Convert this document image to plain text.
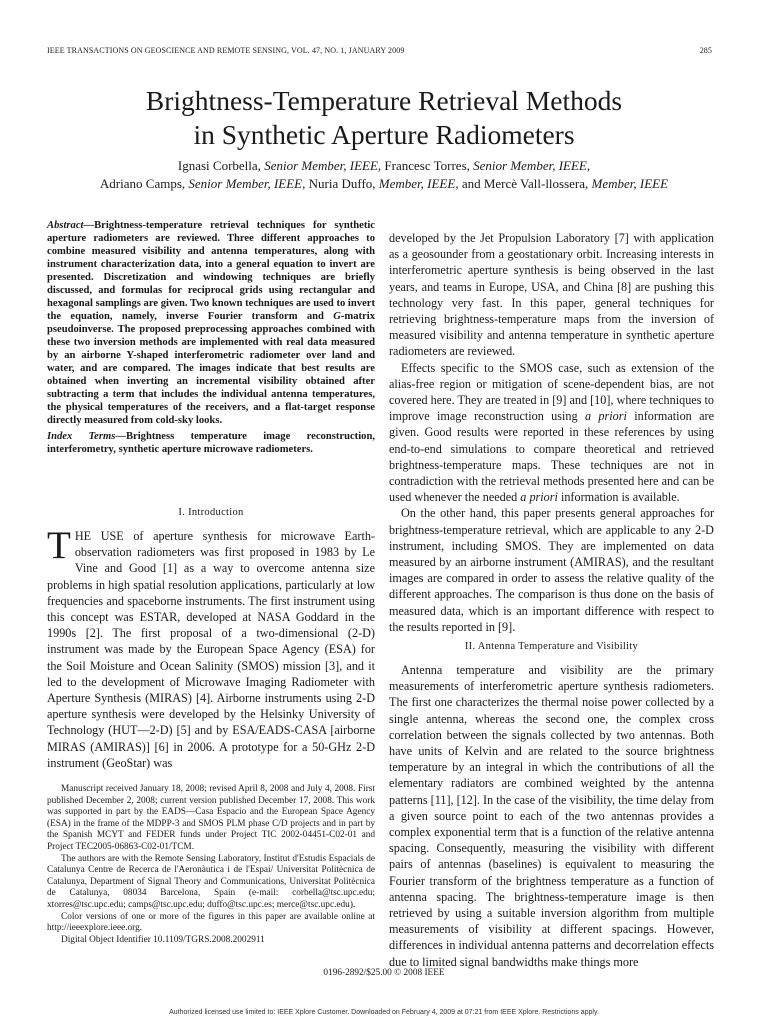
IEEE TRANSACTIONS ON GEOSCIENCE AND REMOTE SENSING, VOL. 47, NO. 1, JANUARY 2009	285
Brightness-Temperature Retrieval Methods
in Synthetic Aperture Radiometers
Ignasi Corbella, Senior Member, IEEE, Francesc Torres, Senior Member, IEEE,
Adriano Camps, Senior Member, IEEE, Nuria Duffo, Member, IEEE, and Mercè Vall-llossera, Member, IEEE
Abstract—Brightness-temperature retrieval techniques for synthetic aperture radiometers are reviewed. Three different approaches to combine measured visibility and antenna temperatures, along with instrument characterization data, into a general equation to invert are presented. Discretization and windowing techniques are briefly discussed, and formulas for reciprocal grids using rectangular and hexagonal samplings are given. Two known techniques are used to invert the equation, namely, inverse Fourier transform and G-matrix pseudoinverse. The proposed preprocessing approaches combined with these two inversion methods are implemented with real data measured by an airborne Y-shaped interferometric radiometer over land and water, and are compared. The images indicate that best results are obtained when inverting an incremental visibility obtained after subtracting a term that includes the individual antenna temperatures, the physical temperatures of the receivers, and a flat-target response directly measured from cold-sky looks.
Index Terms—Brightness temperature image reconstruction, interferometry, synthetic aperture microwave radiometers.
I. Introduction
THE USE of aperture synthesis for microwave Earth-observation radiometers was first proposed in 1983 by Le Vine and Good [1] as a way to overcome antenna size problems in high spatial resolution applications, particularly at low frequencies and spaceborne instruments. The first instrument using this concept was ESTAR, developed at NASA Goddard in the 1990s [2]. The first proposal of a two-dimensional (2-D) instrument was made by the European Space Agency (ESA) for the Soil Moisture and Ocean Salinity (SMOS) mission [3], and it led to the development of Microwave Imaging Radiometer with Aperture Synthesis (MIRAS) [4]. Airborne instruments using 2-D aperture synthesis were developed by the Helsinky University of Technology (HUT—2-D) [5] and by ESA/EADS-CASA [airborne MIRAS (AMIRAS)] [6] in 2006. A prototype for a 50-GHz 2-D instrument (GeoStar) was

Manuscript received January 18, 2008; revised April 8, 2008 and July 4, 2008. First published December 2, 2008; current version published December 17, 2008. This work was supported in part by the EADS—Casa Espacio and the European Space Agency (ESA) in the frame of the MDPP-3 and SMOS PLM phase C/D projects and in part by the Spanish MCYT and FEDER funds under Project TIC 2002-04451-C02-01 and Project TEC2005-06863-C02-01/TCM.

The authors are with the Remote Sensing Laboratory, Institut d'Estudis Espacials de Catalunya Centre de Recerca de l'Aeronàutica i de l'Espai/ Universitat Politècnica de Catalunya, Department of Signal Theory and Communications, Universitat Politècnica de Catalunya, 08034 Barcelona, Spain (e-mail: corbella@tsc.upc.edu; xtorres@tsc.upc.edu; camps@tsc.upc.edu; duffo@tsc.upc.es; merce@tsc.upc.edu).

Color versions of one or more of the figures in this paper are available online at http://ieeexplore.ieee.org.

Digital Object Identifier 10.1109/TGRS.2008.2002911

developed by the Jet Propulsion Laboratory [7] with application as a geosounder from a geostationary orbit. Increasing interests in interferometric aperture synthesis is being observed in the last years, and teams in Europe, USA, and China [8] are pushing this technology very fast. In this paper, general techniques for retrieving brightness-temperature maps from the inversion of measured visibility and antenna temperature in synthetic aperture radiometers are reviewed.

Effects specific to the SMOS case, such as extension of the alias-free region or mitigation of scene-dependent bias, are not covered here. They are treated in [9] and [10], where techniques to improve image reconstruction using a priori information are given. Good results were reported in these references by using end-to-end simulations to compare theoretical and retrieved brightness-temperature maps. These techniques are not in contradiction with the retrieval methods presented here and can be used whenever the needed a priori information is available.

On the other hand, this paper presents general approaches for brightness-temperature retrieval, which are applicable to any 2-D instrument, including SMOS. They are implemented on data measured by an airborne instrument (AMIRAS), and the resultant images are compared in order to assess the relative quality of the different approaches. The comparison is thus done on the basis of measured data, which is an important difference with respect to the results reported in [9].

II. Antenna Temperature and Visibility

Antenna temperature and visibility are the primary measurements of interferometric aperture synthesis radiometers. The first one characterizes the thermal noise power collected by a single antenna, whereas the second one, the complex cross correlation between the signals collected by two antennas. Both have units of Kelvin and are related to the source brightness temperature by an integral in which the contributions of all the elementary radiators are combined weighted by the antenna patterns [11], [12]. In the case of the visibility, the time delay from a given source point to each of the two antennas provides a complex exponential term that is a function of the relative antenna spacing. Consequently, measuring the visibility with different pairs of antennas (baselines) is equivalent to measuring the Fourier transform of the brightness temperature as a function of antenna spacing. The brightness-temperature image is then retrieved by using a suitable inversion algorithm from multiple measurements of visibility at different spacings. However, differences in individual antenna patterns and decorrelation effects due to limited signal bandwidths make things more

0196-2892/$25.00 © 2008 IEEE
Authorized licensed use limited to: IEEE Xplore Customer. Downloaded on February 4, 2009 at 07:21 from IEEE Xplore. Restrictions apply.
